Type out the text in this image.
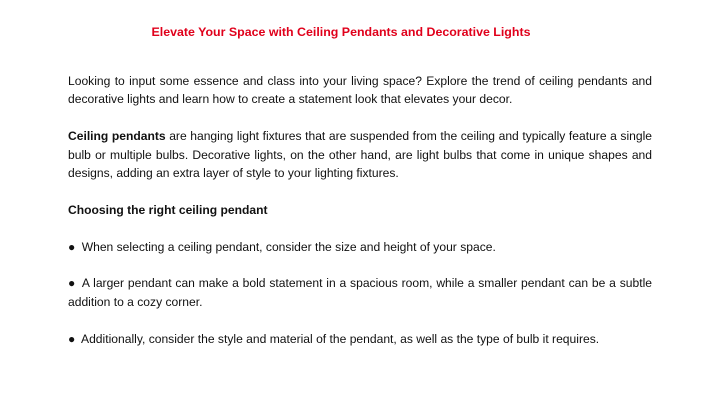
Elevate Your Space with Ceiling Pendants and Decorative Lights

Looking to input some essence and class into your living space? Explore the trend of ceiling pendants and decorative lights and learn how to create a statement look that elevates your decor.

Ceiling pendants are hanging light fixtures that are suspended from the ceiling and typically feature a single bulb or multiple bulbs. Decorative lights, on the other hand, are light bulbs that come in unique shapes and designs, adding an extra layer of style to your lighting fixtures.

Choosing the right ceiling pendant

● When selecting a ceiling pendant, consider the size and height of your space.

● A larger pendant can make a bold statement in a spacious room, while a smaller pendant can be a subtle addition to a cozy corner.

● Additionally, consider the style and material of the pendant, as well as the type of bulb it requires.
